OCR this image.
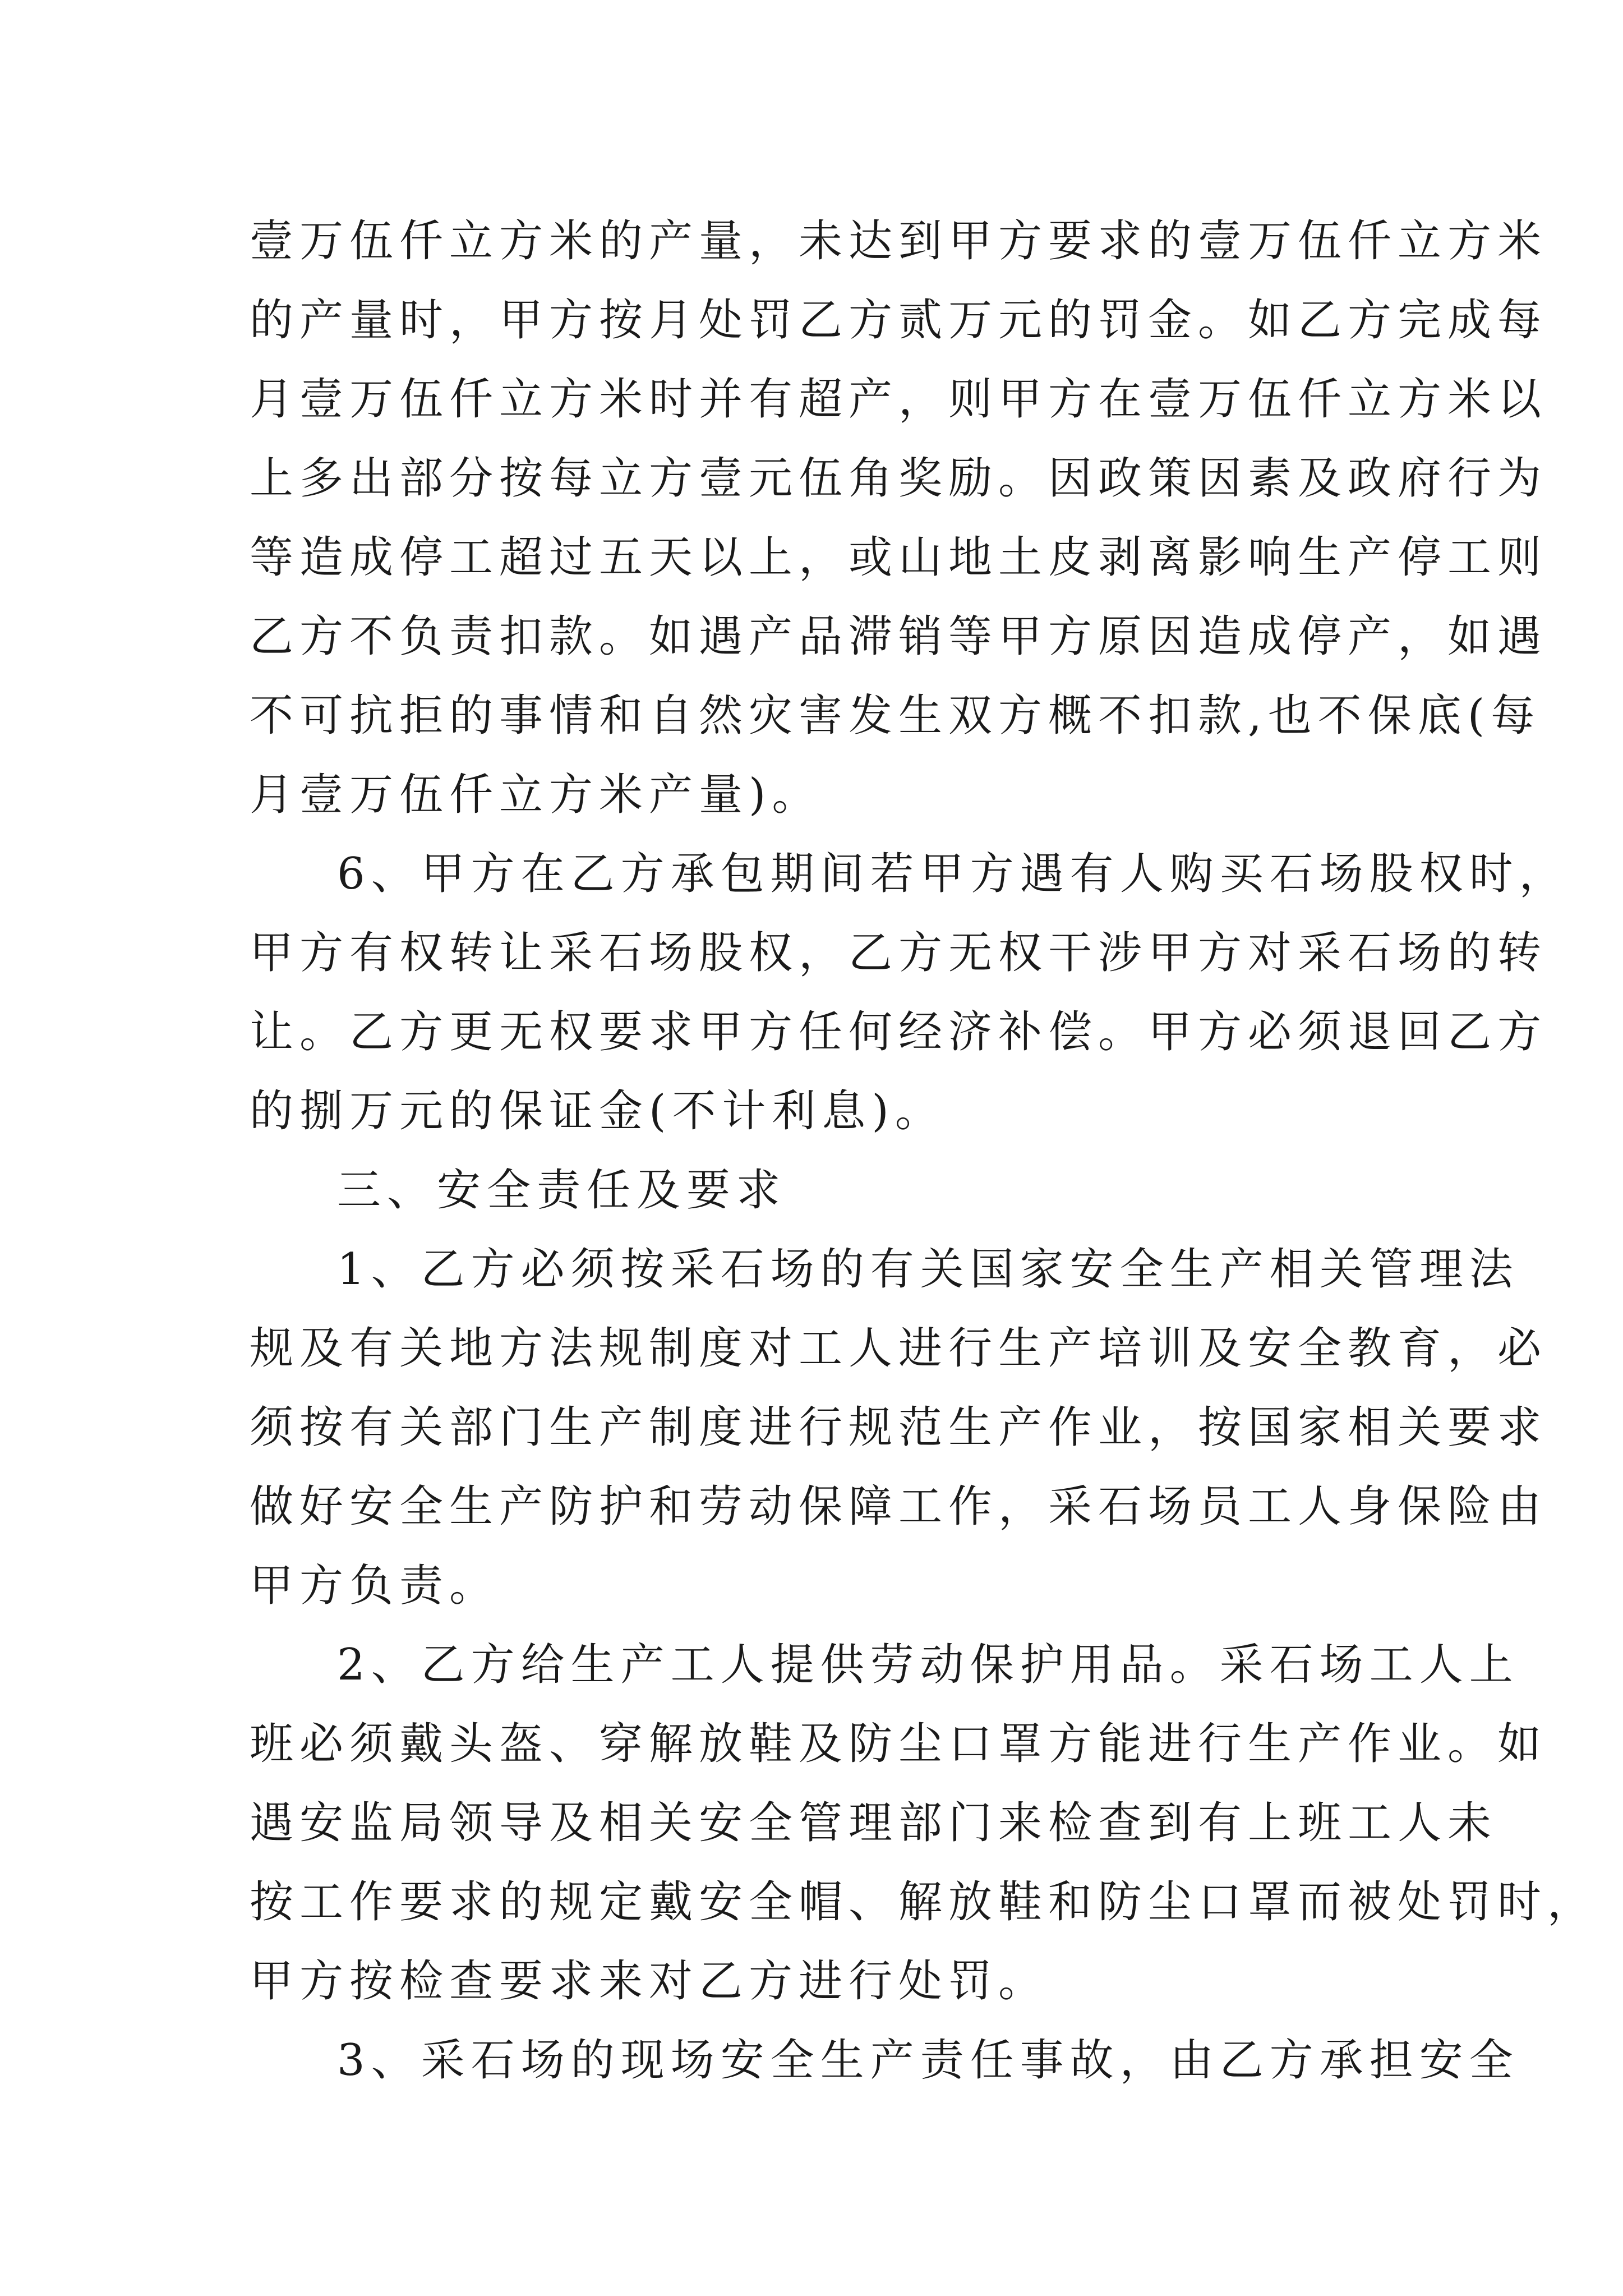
壹万伍仟立方米的产量，未达到甲方要求的壹万伍仟立方米
的产量时，甲方按月处罚乙方贰万元的罚金。如乙方完成每
月壹万伍仟立方米时并有超产，则甲方在壹万伍仟立方米以
上多出部分按每立方壹元伍角奖励。因政策因素及政府行为
等造成停工超过五天以上，或山地土皮剥离影响生产停工则
乙方不负责扣款。如遇产品滞销等甲方原因造成停产，如遇
不可抗拒的事情和自然灾害发生双方概不扣款,也不保底(每
月壹万伍仟立方米产量)。
6、甲方在乙方承包期间若甲方遇有人购买石场股权时，
甲方有权转让采石场股权，乙方无权干涉甲方对采石场的转
让。乙方更无权要求甲方任何经济补偿。甲方必须退回乙方
的捌万元的保证金(不计利息)。
三、安全责任及要求
1、乙方必须按采石场的有关国家安全生产相关管理法
规及有关地方法规制度对工人进行生产培训及安全教育，必
须按有关部门生产制度进行规范生产作业，按国家相关要求
做好安全生产防护和劳动保障工作，采石场员工人身保险由
甲方负责。
2、乙方给生产工人提供劳动保护用品。采石场工人上
班必须戴头盔、穿解放鞋及防尘口罩方能进行生产作业。如
遇安监局领导及相关安全管理部门来检查到有上班工人未
按工作要求的规定戴安全帽、解放鞋和防尘口罩而被处罚时，
甲方按检查要求来对乙方进行处罚。
3、采石场的现场安全生产责任事故，由乙方承担安全
